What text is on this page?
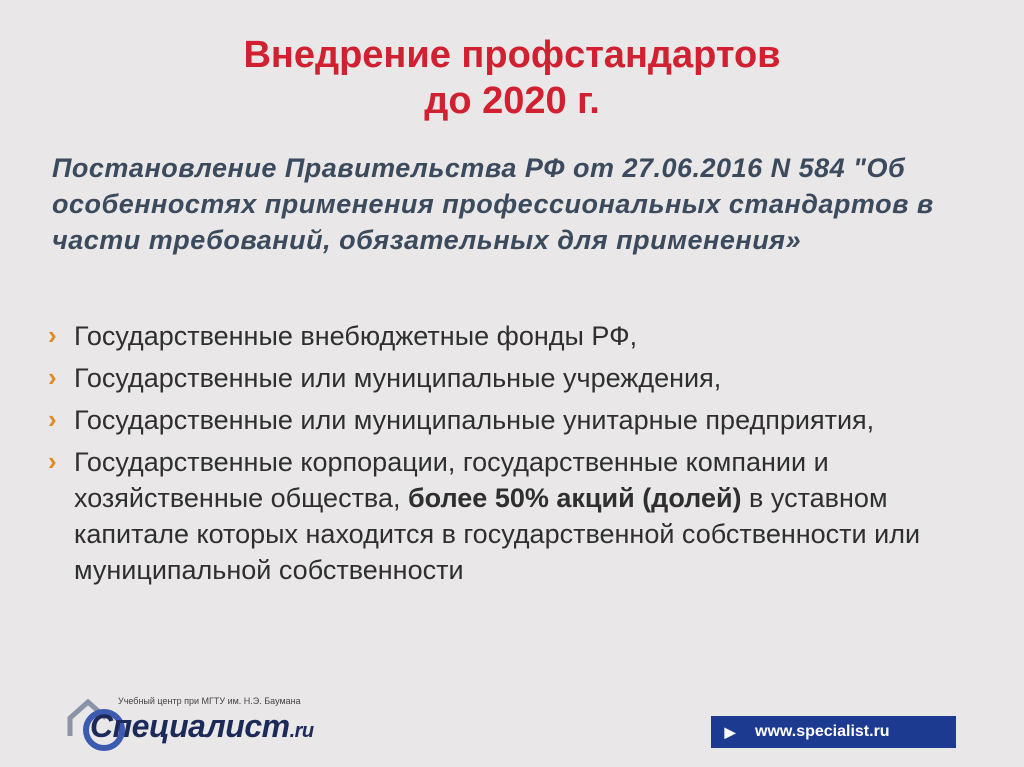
Внедрение профстандартов
до 2020 г.
Постановление Правительства РФ от 27.06.2016 N 584 "Об особенностях применения профессиональных стандартов в части требований, обязательных для применения»
› Государственные внебюджетные фонды РФ,
› Государственные или муниципальные учреждения,
› Государственные или муниципальные унитарные предприятия,
› Государственные корпорации, государственные компании и хозяйственные общества, более 50% акций (долей) в уставном капитале которых находится в государственной собственности или муниципальной собственности
Учебный центр при МГТУ им. Н.Э. Баумана
Специалист.ru	▶	www.specialist.ru
